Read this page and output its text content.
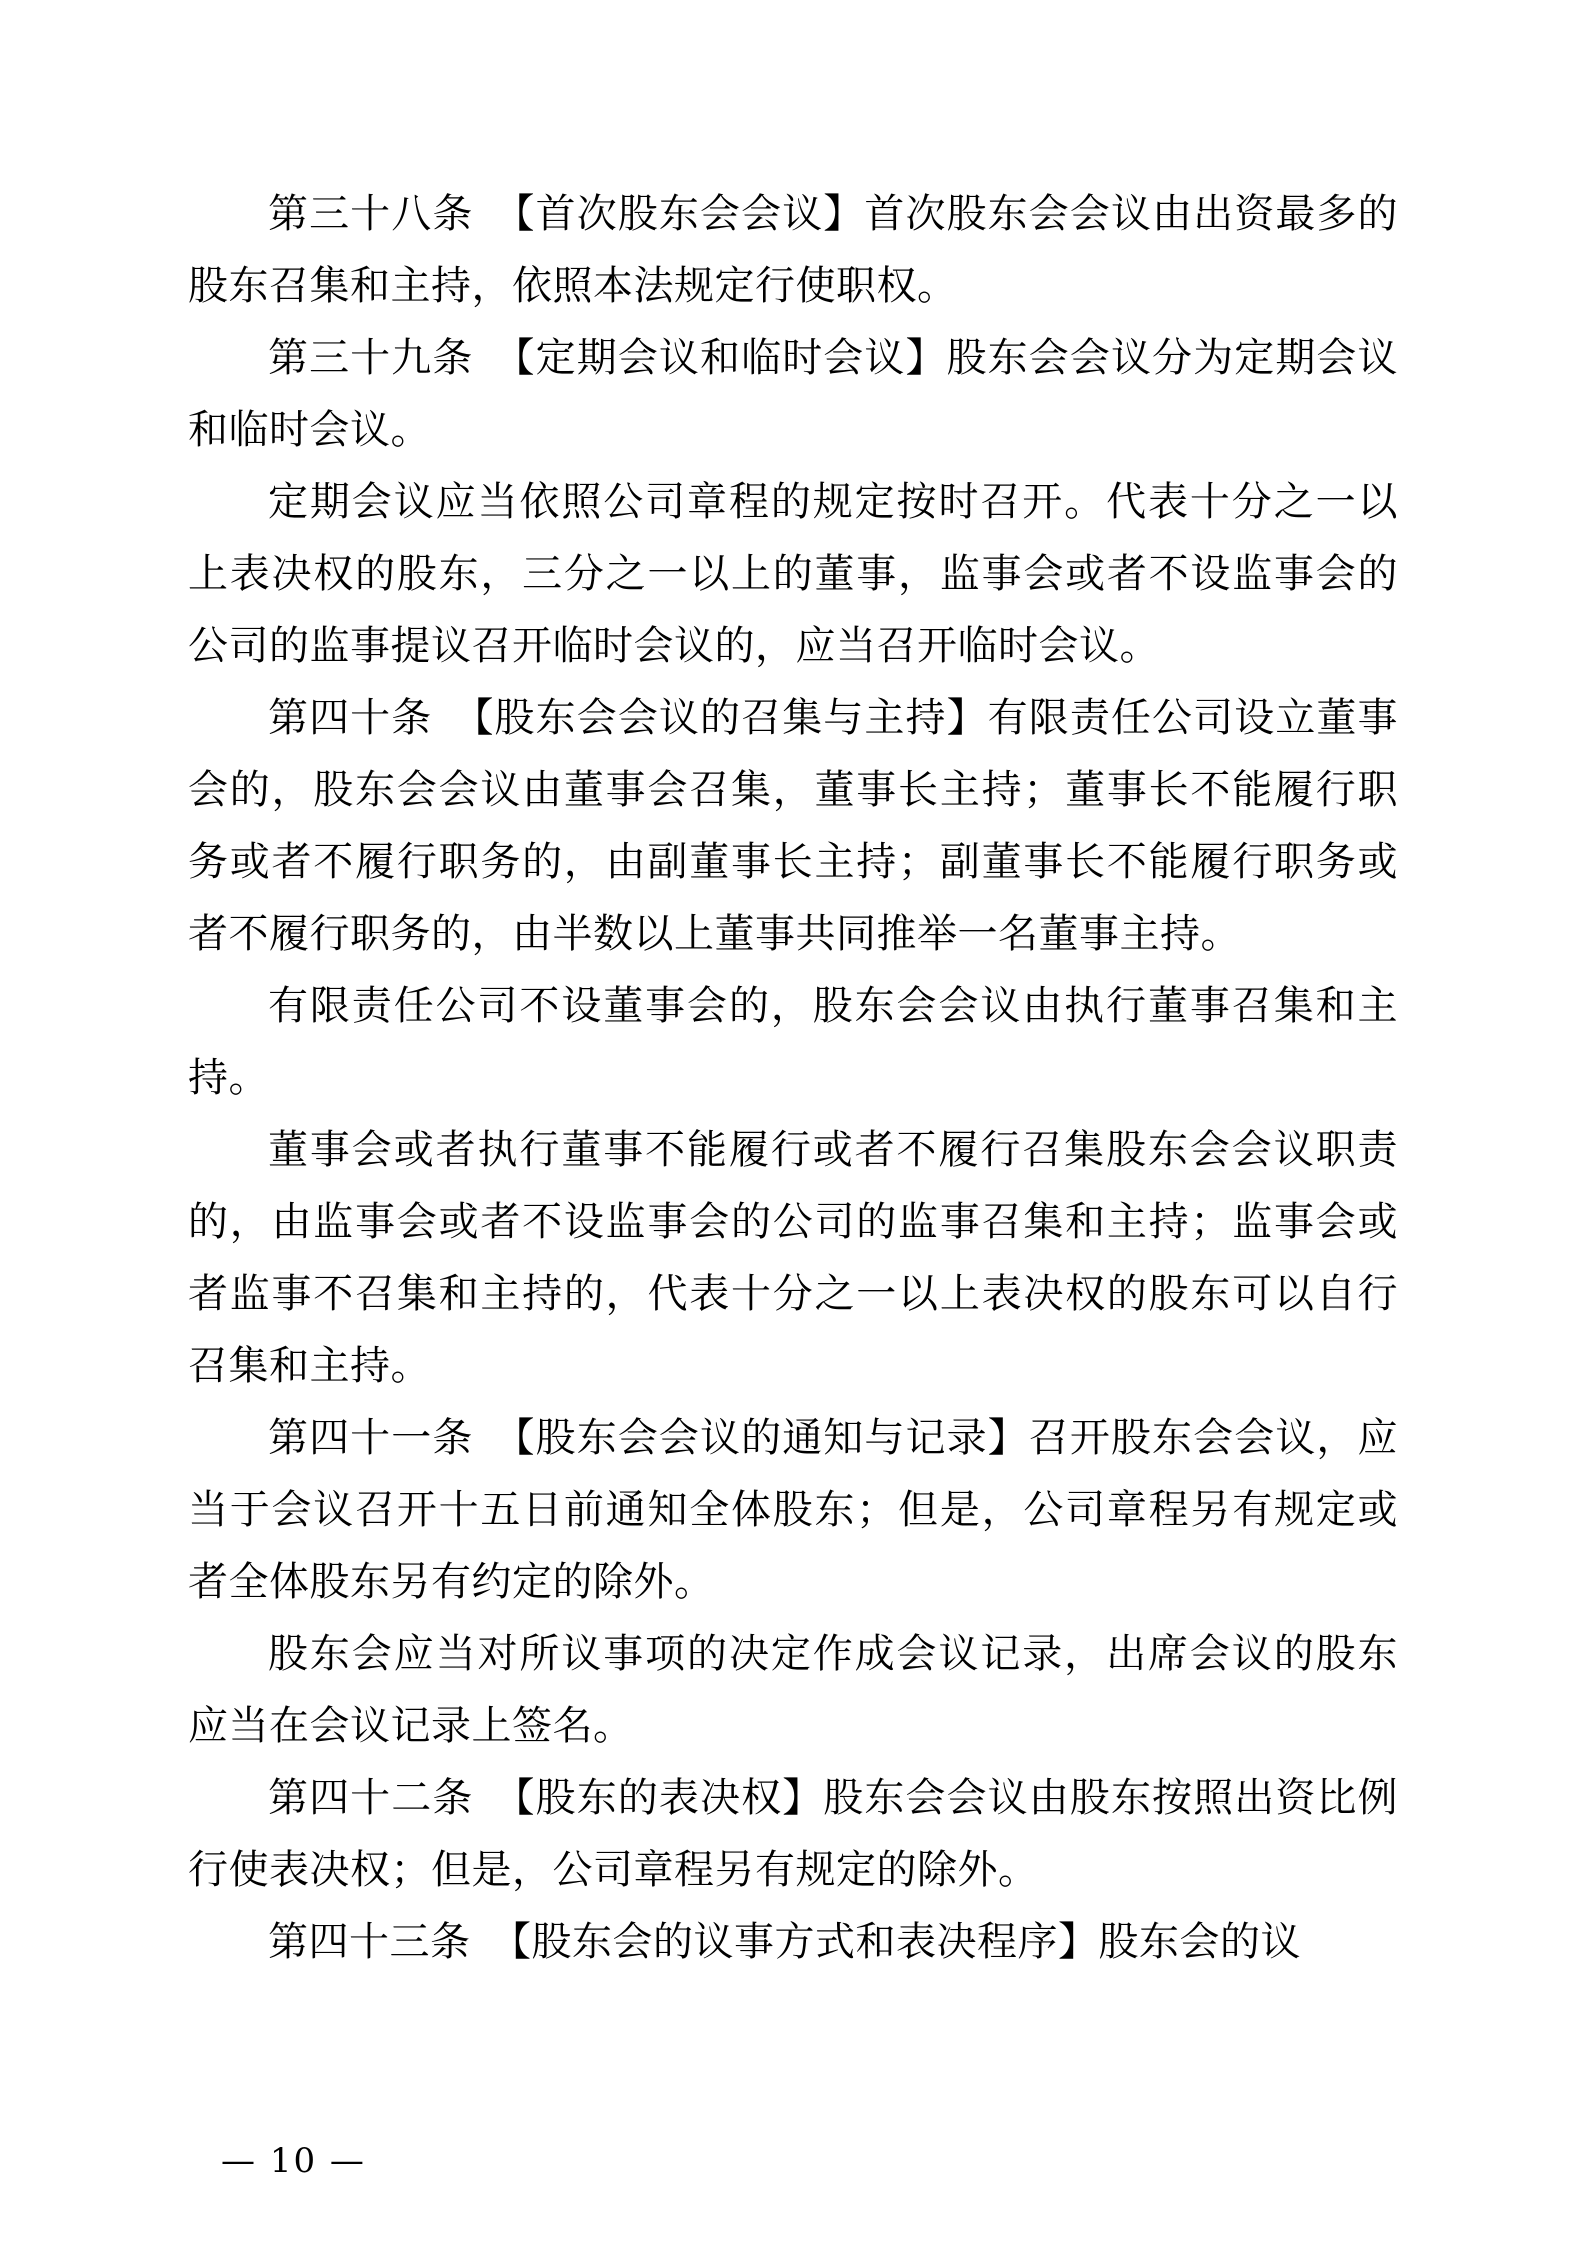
第三十八条　【首次股东会会议】首次股东会会议由出资最多的股东召集和主持，依照本法规定行使职权。

第三十九条　【定期会议和临时会议】股东会会议分为定期会议和临时会议。

定期会议应当依照公司章程的规定按时召开。代表十分之一以上表决权的股东，三分之一以上的董事，监事会或者不设监事会的公司的监事提议召开临时会议的，应当召开临时会议。

第四十条　【股东会会议的召集与主持】有限责任公司设立董事会的，股东会会议由董事会召集，董事长主持；董事长不能履行职务或者不履行职务的，由副董事长主持；副董事长不能履行职务或者不履行职务的，由半数以上董事共同推举一名董事主持。

有限责任公司不设董事会的，股东会会议由执行董事召集和主持。

董事会或者执行董事不能履行或者不履行召集股东会会议职责的，由监事会或者不设监事会的公司的监事召集和主持；监事会或者监事不召集和主持的，代表十分之一以上表决权的股东可以自行召集和主持。

第四十一条　【股东会会议的通知与记录】召开股东会会议，应当于会议召开十五日前通知全体股东；但是，公司章程另有规定或者全体股东另有约定的除外。

股东会应当对所议事项的决定作成会议记录，出席会议的股东应当在会议记录上签名。

第四十二条　【股东的表决权】股东会会议由股东按照出资比例行使表决权；但是，公司章程另有规定的除外。

第四十三条　【股东会的议事方式和表决程序】股东会的议

— 10 —
